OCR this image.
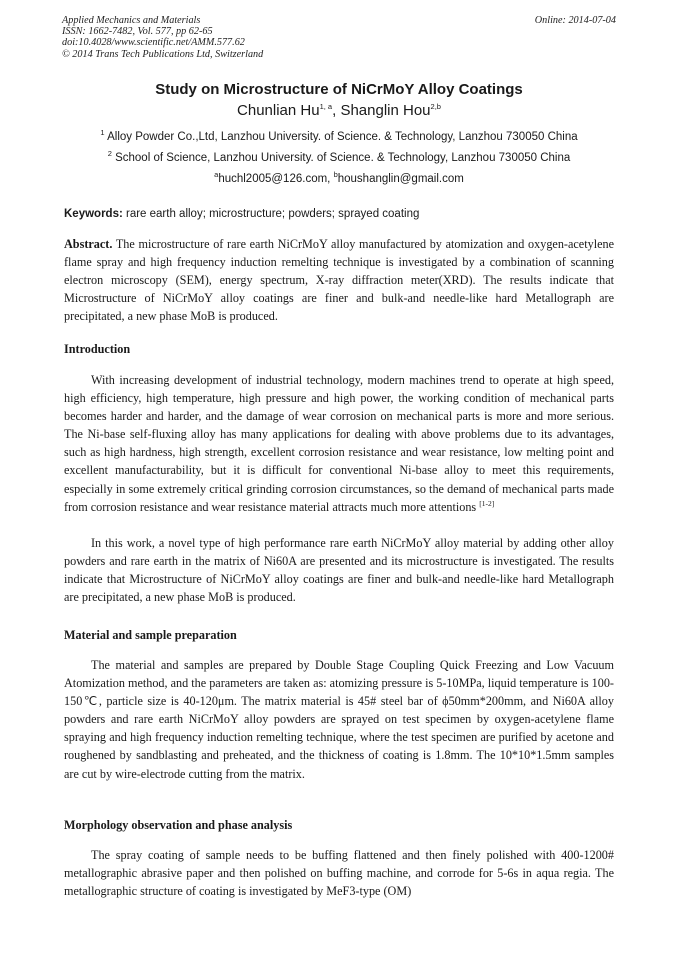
Applied Mechanics and Materials
ISSN: 1662-7482, Vol. 577, pp 62-65
doi:10.4028/www.scientific.net/AMM.577.62
© 2014 Trans Tech Publications Ltd, Switzerland
Online: 2014-07-04
Study on Microstructure of NiCrMoY Alloy Coatings
Chunlian Hu$^{1, a}$, Shanglin Hou$^{2,b}$
$^1$ Alloy Powder Co.,Ltd, Lanzhou University. of Science. & Technology, Lanzhou 730050 China
$^2$ School of Science, Lanzhou University. of Science. & Technology, Lanzhou 730050 China
$^a$huchl2005@126.com, $^b$houshanglin@gmail.com
Keywords: rare earth alloy; microstructure; powders; sprayed coating

Abstract. The microstructure of rare earth NiCrMoY alloy manufactured by atomization and oxygen-acetylene flame spray and high frequency induction remelting technique is investigated by a combination of scanning electron microscopy (SEM), energy spectrum, X-ray diffraction meter(XRD). The results indicate that Microstructure of NiCrMoY alloy coatings are finer and bulk-and needle-like hard Metallograph are precipitated, a new phase MoB is produced.

Introduction

With increasing development of industrial technology, modern machines trend to operate at high speed, high efficiency, high temperature, high pressure and high power, the working condition of mechanical parts becomes harder and harder, and the damage of wear corrosion on mechanical parts is more and more serious. The Ni-base self-fluxing alloy has many applications for dealing with above problems due to its advantages, such as high hardness, high strength, excellent corrosion resistance and wear resistance, low melting point and excellent manufacturability, but it is difficult for conventional Ni-base alloy to meet this requirements, especially in some extremely critical grinding corrosion circumstances, so the demand of mechanical parts made from corrosion resistance and wear resistance material attracts much more attentions [1-2]

In this work, a novel type of high performance rare earth NiCrMoY alloy material by adding other alloy powders and rare earth in the matrix of Ni60A are presented and its microstructure is investigated. The results indicate that Microstructure of NiCrMoY alloy coatings are finer and bulk-and needle-like hard Metallograph are precipitated, a new phase MoB is produced.

Material and sample preparation

The material and samples are prepared by Double Stage Coupling Quick Freezing and Low Vacuum Atomization method, and the parameters are taken as: atomizing pressure is 5-10MPa, liquid temperature is 100-150℃, particle size is 40-120μm. The matrix material is 45# steel bar of ϕ50mm*200mm, and Ni60A alloy powders and rare earth NiCrMoY alloy powders are sprayed on test specimen by oxygen-acetylene flame spraying and high frequency induction remelting technique, where the test specimen are purified by acetone and roughened by sandblasting and preheated, and the thickness of coating is 1.8mm. The 10*10*1.5mm samples are cut by wire-electrode cutting from the matrix.

Morphology observation and phase analysis

The spray coating of sample needs to be buffing flattened and then finely polished with 400-1200# metallographic abrasive paper and then polished on buffing machine, and corrode for 5-6s in aqua regia. The metallographic structure of coating is investigated by MeF3-type (OM)
